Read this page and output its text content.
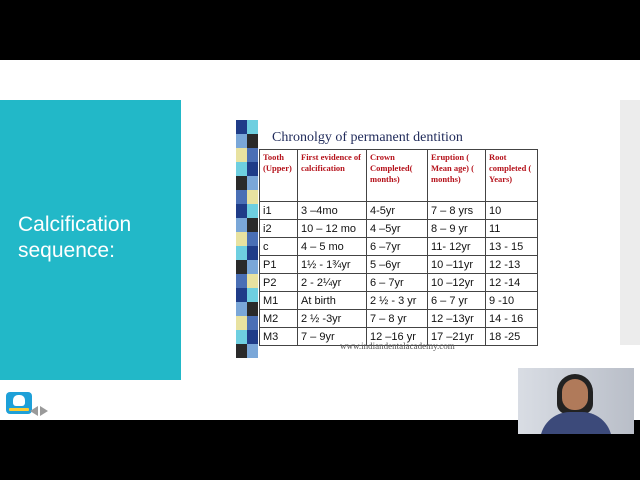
Calcification sequence:
Chronolgy of permanent dentition
Tooth (Upper)	First evidence of calcification	Crown Completed( months)	Eruption ( Mean age) ( months)	Root completed ( Years)
i1	3 –4mo	4-5yr	7 – 8 yrs	10
i2	10 – 12 mo	4 –5yr	8 – 9 yr	11
c	4 – 5 mo	6 –7yr	11- 12yr	13 - 15
P1	1½ - 1¾yr	5 –6yr	10 –11yr	12 -13
P2	2 - 2¼yr	6 – 7yr	10 –12yr	12 -14
M1	At birth	2 ½ - 3 yr	6 – 7 yr	9 -10
M2	2 ½ -3yr	7 – 8 yr	12 –13yr	14 - 16
M3	7 – 9yr	12 –16 yr	17 –21yr	18 -25
www.indiandentalacademy.com
